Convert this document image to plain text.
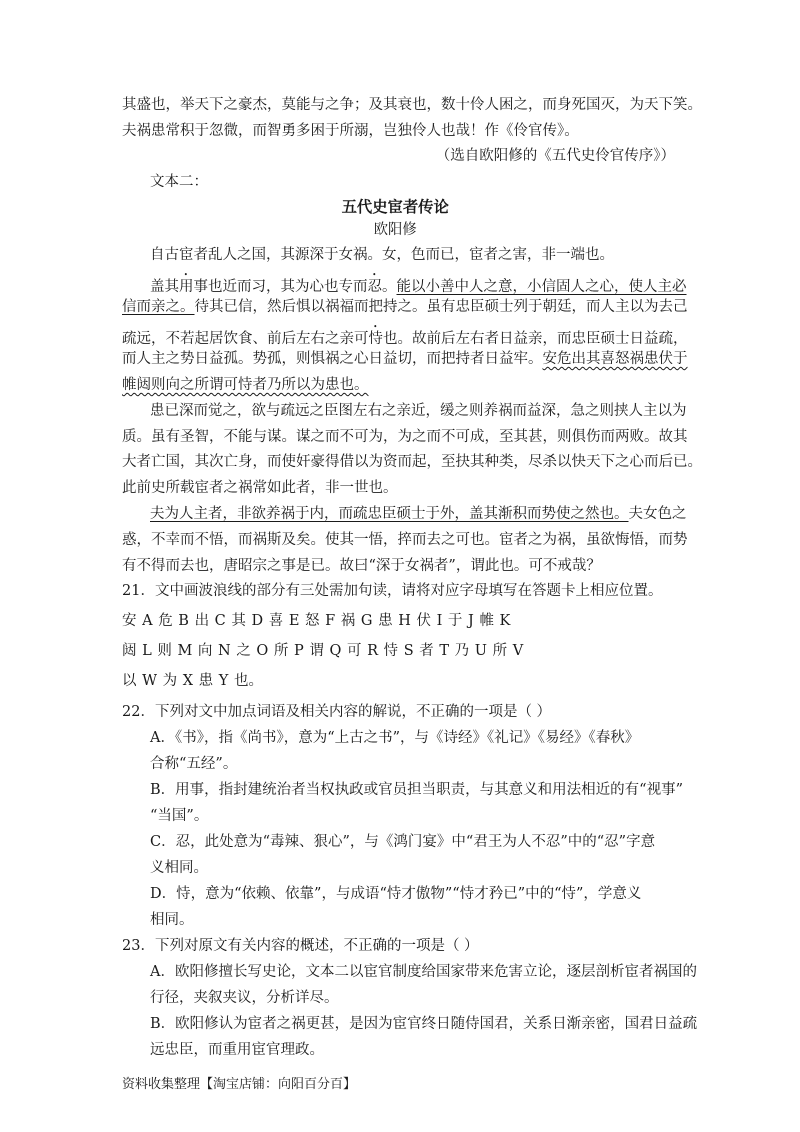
其盛也，举天下之豪杰，莫能与之争；及其衰也，数十伶人困之，而身死国灭，为天下笑。
夫祸患常积于忽微，而智勇多困于所溺，岂独伶人也哉！作《伶官传》。
（选自欧阳修的《五代史伶官传序》）
文本二：
五代史宦者传论
欧阳修
自古宦者乱人之国，其源深于女祸。女，色而已，宦者之害，非一端也。
盖其用事也近而习，其为心也专而忍。能以小善中人之意，小信固人之心，使人主必
信而亲之。待其已信，然后惧以祸福而把持之。虽有忠臣硕士列于朝廷，而人主以为去己
疏远，不若起居饮食、前后左右之亲可恃也。故前后左右者日益亲，而忠臣硕士日益疏，
而人主之势日益孤。势孤，则惧祸之心日益切，而把持者日益牢。安危出其喜怒祸患伏于
帷闼则向之所谓可恃者乃所以为患也。
患已深而觉之，欲与疏远之臣图左右之亲近，缓之则养祸而益深，急之则挟人主以为
质。虽有圣智，不能与谋。谋之而不可为，为之而不可成，至其甚，则俱伤而两败。故其
大者亡国，其次亡身，而使奸豪得借以为资而起，至抉其种类，尽杀以快天下之心而后已。
此前史所载宦者之祸常如此者，非一世也。
夫为人主者，非欲养祸于内，而疏忠臣硕士于外，盖其渐积而势使之然也。夫女色之
惑，不幸而不悟，而祸斯及矣。使其一悟，捽而去之可也。宦者之为祸，虽欲悔悟，而势
有不得而去也，唐昭宗之事是已。故曰“深于女祸者”，谓此也。可不戒哉？
21．文中画波浪线的部分有三处需加句读，请将对应字母填写在答题卡上相应位置。
安 A 危 B 出 C 其 D 喜 E 怒 F 祸 G 患 H 伏 I 于 J 帷 K
闼 L 则 M 向 N 之 O 所 P 谓 Q 可 R 恃 S 者 T 乃 U 所 V
以 W 为 X 患 Y 也。
22．下列对文中加点词语及相关内容的解说，不正确的一项是（ ）
A．《书》，指《尚书》，意为“上古之书”，与《诗经》《礼记》《易经》《春秋》
合称“五经”。
B．用事，指封建统治者当权执政或官员担当职责，与其意义和用法相近的有“视事”
“当国”。
C．忍，此处意为“毒辣、狠心”，与《鸿门宴》中“君王为人不忍”中的“忍”字意
义相同。
D．恃，意为“依赖、依靠”，与成语“恃才傲物”“恃才矜已”中的“恃”，学意义
相同。
23．下列对原文有关内容的概述，不正确的一项是（ ）
A．欧阳修擅长写史论，文本二以宦官制度给国家带来危害立论，逐层剖析宦者祸国的
行径，夹叙夹议，分析详尽。
B．欧阳修认为宦者之祸更甚，是因为宦官终日随侍国君，关系日渐亲密，国君日益疏
远忠臣，而重用宦官理政。
资料收集整理【淘宝店铺：向阳百分百】
